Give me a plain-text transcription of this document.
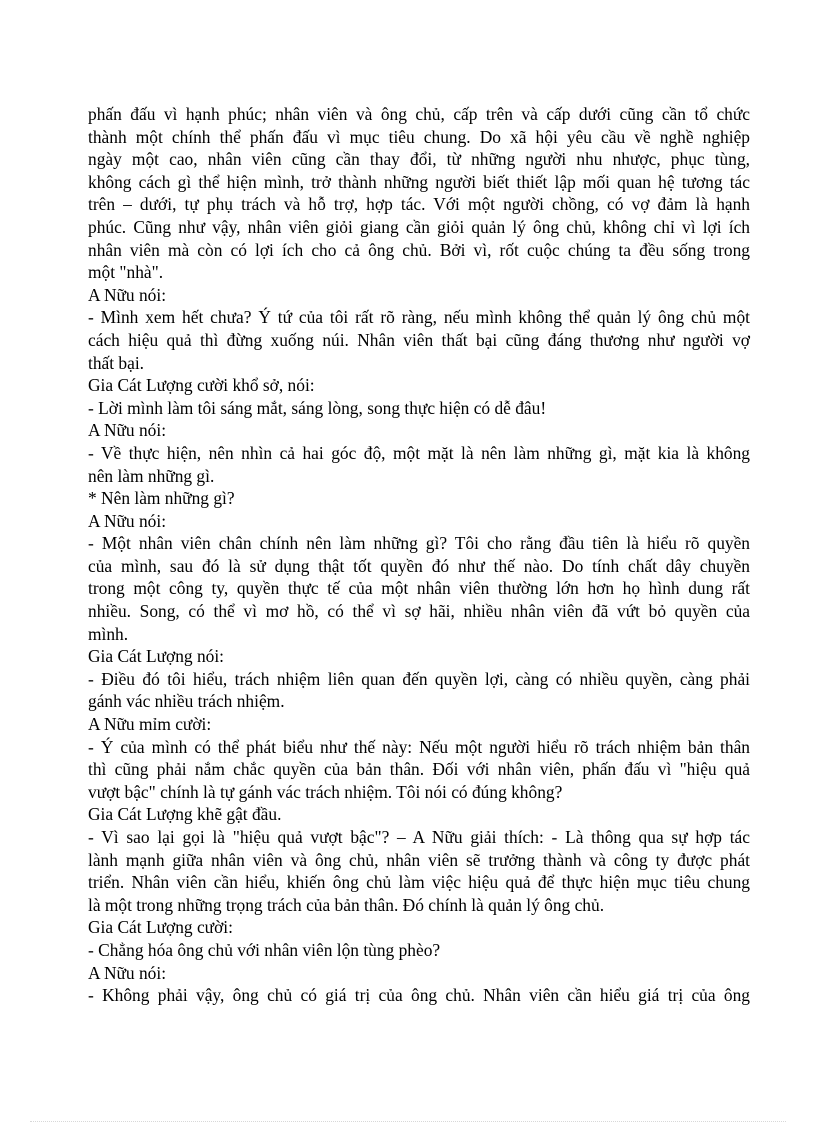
phấn đấu vì hạnh phúc; nhân viên và ông chủ, cấp trên và cấp dưới cũng cần tổ chức
thành một chính thể phấn đấu vì mục tiêu chung. Do xã hội yêu cầu về nghề nghiệp
ngày một cao, nhân viên cũng cần thay đổi, từ những người nhu nhược, phục tùng,
không cách gì thể hiện mình, trở thành những người biết thiết lập mối quan hệ tương tác
trên – dưới, tự phụ trách và hỗ trợ, hợp tác. Với một người chồng, có vợ đảm là hạnh
phúc. Cũng như vậy, nhân viên giỏi giang cần giỏi quản lý ông chủ, không chỉ vì lợi ích
nhân viên mà còn có lợi ích cho cả ông chủ. Bởi vì, rốt cuộc chúng ta đều sống trong
một "nhà".
A Nữu nói:
- Mình xem hết chưa? Ý tứ của tôi rất rõ ràng, nếu mình không thể quản lý ông chủ một
cách hiệu quả thì đừng xuống núi. Nhân viên thất bại cũng đáng thương như người vợ
thất bại.
Gia Cát Lượng cười khổ sở, nói:
- Lời mình làm tôi sáng mắt, sáng lòng, song thực hiện có dễ đâu!
A Nữu nói:
- Về thực hiện, nên nhìn cả hai góc độ, một mặt là nên làm những gì, mặt kia là không
nên làm những gì.
* Nên làm những gì?
A Nữu nói:
- Một nhân viên chân chính nên làm những gì? Tôi cho rằng đầu tiên là hiểu rõ quyền
của mình, sau đó là sử dụng thật tốt quyền đó như thế nào. Do tính chất dây chuyền
trong một công ty, quyền thực tế của một nhân viên thường lớn hơn họ hình dung rất
nhiều. Song, có thể vì mơ hồ, có thể vì sợ hãi, nhiều nhân viên đã vứt bỏ quyền của
mình.
Gia Cát Lượng nói:
- Điều đó tôi hiểu, trách nhiệm liên quan đến quyền lợi, càng có nhiều quyền, càng phải
gánh vác nhiều trách nhiệm.
A Nữu mỉm cười:
- Ý của mình có thể phát biểu như thế này: Nếu một người hiểu rõ trách nhiệm bản thân
thì cũng phải nắm chắc quyền của bản thân. Đối với nhân viên, phấn đấu vì "hiệu quả
vượt bậc" chính là tự gánh vác trách nhiệm. Tôi nói có đúng không?
Gia Cát Lượng khẽ gật đầu.
- Vì sao lại gọi là "hiệu quả vượt bậc"? – A Nữu giải thích: - Là thông qua sự hợp tác
lành mạnh giữa nhân viên và ông chủ, nhân viên sẽ trưởng thành và công ty được phát
triển. Nhân viên cần hiểu, khiến ông chủ làm việc hiệu quả để thực hiện mục tiêu chung
là một trong những trọng trách của bản thân. Đó chính là quản lý ông chủ.
Gia Cát Lượng cười:
- Chẳng hóa ông chủ với nhân viên lộn tùng phèo?
A Nữu nói:
- Không phải vậy, ông chủ có giá trị của ông chủ. Nhân viên cần hiểu giá trị của ông
